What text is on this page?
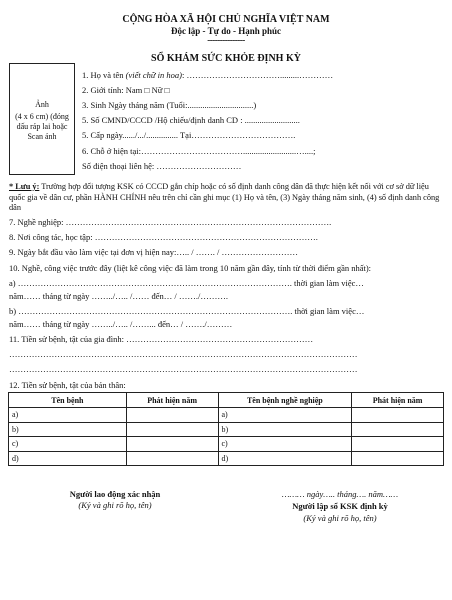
CỘNG HÒA XÃ HỘI CHỦ NGHĨA VIỆT NAM
Độc lập - Tự do - Hạnh phúc
---------------
SỔ KHÁM SỨC KHỎE ĐỊNH KỲ
Ảnh
(4 x 6 cm) (đóng dấu ráp lai hoặc Scan ảnh
1. Họ và tên (viết chữ in hoa): …………………………….........…………
2. Giới tính: Nam □ Nữ □
3. Sinh Ngày tháng năm (Tuổi:...............................)
5. Số CMND/CCCD /Hộ chiếu/định danh CD : ..........................
5. Cấp ngày....../.../............... Tại……………………………….
6. Chỗ ở hiện tại:……………………………….........................…....;
Số điện thoại liên hệ: …………………………
* Lưu ý: Trường hợp đối tượng KSK có CCCD gắn chíp hoặc có số định danh công dân đã thực hiện kết nối với cơ sở dữ liệu quốc gia về dân cư, phần HÀNH CHÍNH nêu trên chỉ cần ghi mục (1) Họ và tên, (3) Ngày tháng năm sinh, (4) số định danh công dân
7. Nghề nghiệp: ………………………………………………………………………………….
8. Nơi công tác, học tập: …………………………………………………………………….
9. Ngày bắt đầu vào làm việc tại đơn vị hiện nay:….. / ……. / ………………………
10. Nghề, công việc trước đây (liệt kê công việc đã làm trong 10 năm gần đây, tính từ thời điểm gần nhất):
a) ……………………………………………………………………………………. thời gian làm việc…
năm…… tháng từ ngày ……../….. /…… đến… / ……./……….
b) ……………………………………………………………………………………. thời gian làm việc…
năm…… tháng từ ngày ……../….. /……... đến… / ……./………
11. Tiền sử bệnh, tật của gia đình: …………………………………………………………
……………………………………………………………………………………………………………
……………………………………………………………………………………………………………
12. Tiền sử bệnh, tật của bản thân:
Tên bệnh	Phát hiện năm	Tên bệnh nghề nghiệp	Phát hiện năm
a)		a)	
b)		b)	
c)		c)	
d)		d)	
Người lao động xác nhận
(Ký và ghi rõ họ, tên)
……… ngày….. tháng…. năm……
Người lập sổ KSK định kỳ
(Ký và ghi rõ họ, tên)
